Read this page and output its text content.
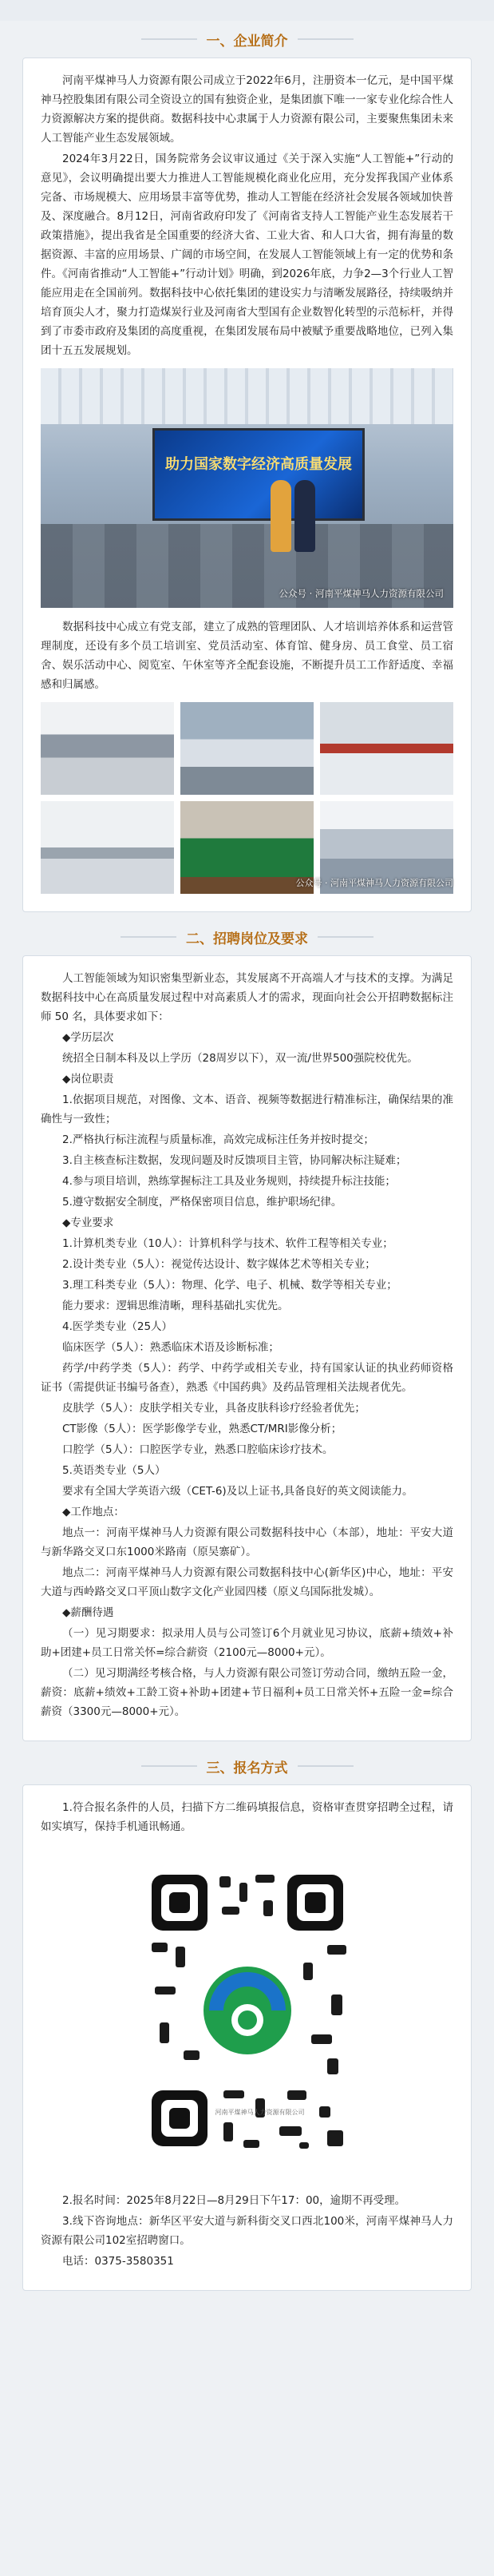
一、企业简介

河南平煤神马人力资源有限公司成立于2022年6月，注册资本一亿元，是中国平煤神马控股集团有限公司全资设立的国有独资企业，是集团旗下唯一一家专业化综合性人力资源解决方案的提供商。数据科技中心隶属于人力资源有限公司，主要聚焦集团未来人工智能产业生态发展领域。

2024年3月22日，国务院常务会议审议通过《关于深入实施“人工智能+”行动的意见》，会议明确提出要大力推进人工智能规模化商业化应用，充分发挥我国产业体系完备、市场规模大、应用场景丰富等优势，推动人工智能在经济社会发展各领域加快普及、深度融合。8月12日，河南省政府印发了《河南省支持人工智能产业生态发展若干政策措施》，提出我省是全国重要的经济大省、工业大省、和人口大省，拥有海量的数据资源、丰富的应用场景、广阔的市场空间，在发展人工智能领域上有一定的优势和条件。《河南省推动“人工智能+”行动计划》明确，到2026年底，力争2—3个行业人工智能应用走在全国前列。数据科技中心依托集团的建设实力与清晰发展路径，持续吸纳并培育顶尖人才，聚力打造煤炭行业及河南省大型国有企业数智化转型的示范标杆，并得到了市委市政府及集团的高度重视，在集团发展布局中被赋予重要战略地位，已列入集团十五五发展规划。

助力国家数字经济高质量发展
公众号 · 河南平煤神马人力资源有限公司

数据科技中心成立有党支部，建立了成熟的管理团队、人才培训培养体系和运营管理制度，还设有多个员工培训室、党员活动室、体育馆、健身房、员工食堂、员工宿舍、娱乐活动中心、阅览室、午休室等齐全配套设施，不断提升员工工作舒适度、幸福感和归属感。

公众号 · 河南平煤神马人力资源有限公司
二、招聘岗位及要求

人工智能领域为知识密集型新业态，其发展离不开高端人才与技术的支撑。为满足数据科技中心在高质量发展过程中对高素质人才的需求，现面向社会公开招聘数据标注师 50 名，具体要求如下：

◆学历层次

统招全日制本科及以上学历（28周岁以下），双一流/世界500强院校优先。

◆岗位职责

1.依据项目规范，对图像、文本、语音、视频等数据进行精准标注，确保结果的准确性与一致性；

2.严格执行标注流程与质量标准，高效完成标注任务并按时提交；

3.自主核查标注数据，发现问题及时反馈项目主管，协同解决标注疑难；

4.参与项目培训，熟练掌握标注工具及业务规则，持续提升标注技能；

5.遵守数据安全制度，严格保密项目信息，维护职场纪律。

◆专业要求

1.计算机类专业（10人）：计算机科学与技术、软件工程等相关专业；

2.设计类专业（5人）：视觉传达设计、数字媒体艺术等相关专业；

3.理工科类专业（5人）：物理、化学、电子、机械、数学等相关专业；

能力要求：逻辑思维清晰，理科基础扎实优先。

4.医学类专业（25人）

临床医学（5人）：熟悉临床术语及诊断标准；

药学/中药学类（5人）：药学、中药学或相关专业，持有国家认证的执业药师资格证书（需提供证书编号备查），熟悉《中国药典》及药品管理相关法规者优先。

皮肤学（5人）：皮肤学相关专业，具备皮肤科诊疗经验者优先；

CT影像（5人）：医学影像学专业，熟悉CT/MRI影像分析；

口腔学（5人）：口腔医学专业，熟悉口腔临床诊疗技术。

5.英语类专业（5人）

要求有全国大学英语六级（CET-6)及以上证书,具备良好的英文阅读能力。

◆工作地点：

地点一：河南平煤神马人力资源有限公司数据科技中心（本部），地址：平安大道与新华路交叉口东1000米路南（原吴寨矿）。

地点二：河南平煤神马人力资源有限公司数据科技中心(新华区)中心，地址：平安大道与西岭路交叉口平顶山数字文化产业园四楼（原义乌国际批发城）。

◆薪酬待遇

（一）见习期要求：拟录用人员与公司签订6个月就业见习协议，底薪+绩效+补助+团建+员工日常关怀=综合薪资（2100元—8000+元）。

（二）见习期满经考核合格，与人力资源有限公司签订劳动合同，缴纳五险一金，薪资：底薪+绩效+工龄工资+补助+团建+节日福利+员工日常关怀+五险一金=综合薪资（3300元—8000+元）。

三、报名方式

1.符合报名条件的人员，扫描下方二维码填报信息，资格审查贯穿招聘全过程，请如实填写，保持手机通讯畅通。

河南平煤神马人力资源有限公司

2.报名时间：2025年8月22日—8月29日下午17：00，逾期不再受理。

3.线下咨询地点：新华区平安大道与新科街交叉口西北100米，河南平煤神马人力资源有限公司102室招聘窗口。

电话：0375-3580351
